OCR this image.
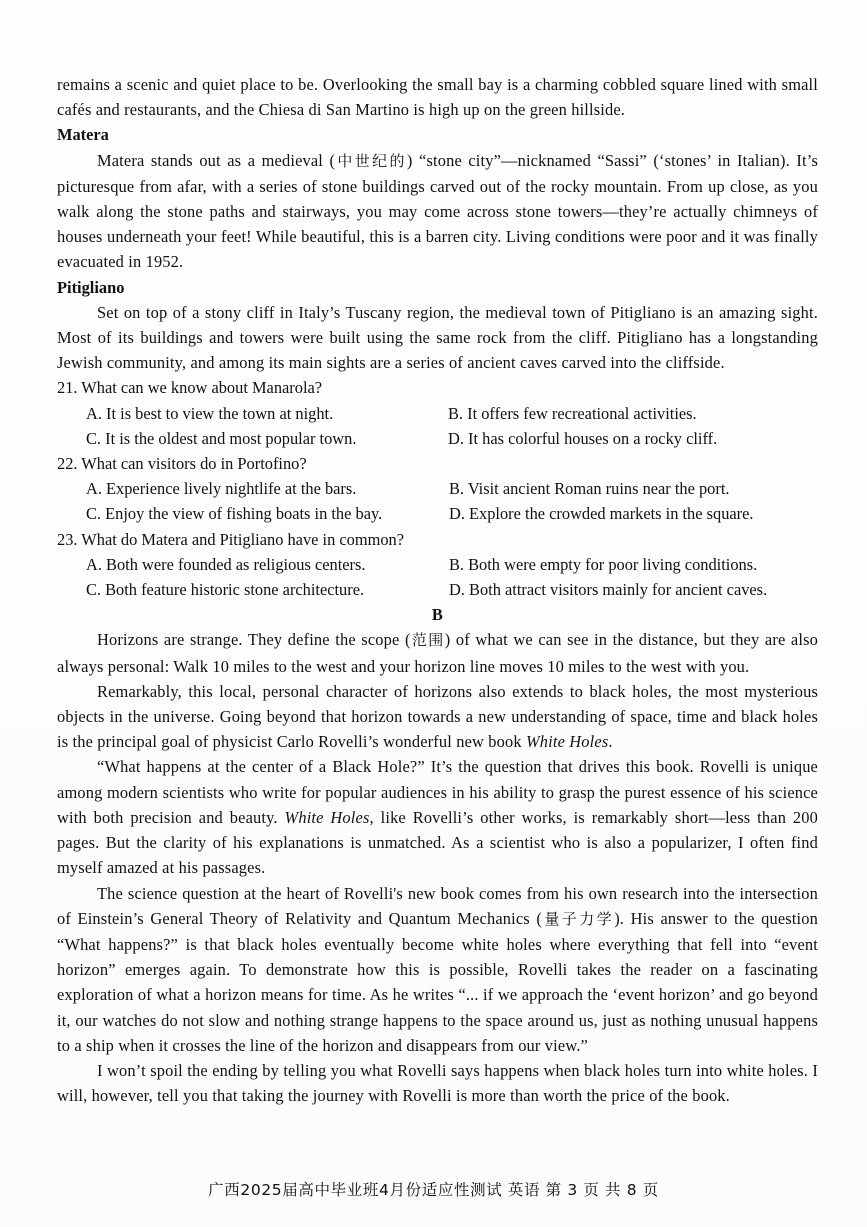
remains a scenic and quiet place to be. Overlooking the small bay is a charming cobbled square lined with small cafés and restaurants, and the Chiesa di San Martino is high up on the green hillside.

Matera

Matera stands out as a medieval (中世纪的) “stone city”—nicknamed “Sassi” (‘stones’ in Italian). It’s picturesque from afar, with a series of stone buildings carved out of the rocky mountain. From up close, as you walk along the stone paths and stairways, you may come across stone towers—they’re actually chimneys of houses underneath your feet! While beautiful, this is a barren city. Living conditions were poor and it was finally evacuated in 1952.

Pitigliano

Set on top of a stony cliff in Italy’s Tuscany region, the medieval town of Pitigliano is an amazing sight. Most of its buildings and towers were built using the same rock from the cliff. Pitigliano has a longstanding Jewish community, and among its main sights are a series of ancient caves carved into the cliffside.

21. What can we know about Manarola?

A. It is best to view the town at night.	B. It offers few recreational activities.
C. It is the oldest and most popular town.	D. It has colorful houses on a rocky cliff.

22. What can visitors do in Portofino?

A. Experience lively nightlife at the bars.	B. Visit ancient Roman ruins near the port.
C. Enjoy the view of fishing boats in the bay.	D. Explore the crowded markets in the square.

23. What do Matera and Pitigliano have in common?

A. Both were founded as religious centers.	B. Both were empty for poor living conditions.
C. Both feature historic stone architecture.	D. Both attract visitors mainly for ancient caves.

B

Horizons are strange. They define the scope (范围) of what we can see in the distance, but they are also always personal: Walk 10 miles to the west and your horizon line moves 10 miles to the west with you.

Remarkably, this local, personal character of horizons also extends to black holes, the most mysterious objects in the universe. Going beyond that horizon towards a new understanding of space, time and black holes is the principal goal of physicist Carlo Rovelli’s wonderful new book White Holes.

“What happens at the center of a Black Hole?” It’s the question that drives this book. Rovelli is unique among modern scientists who write for popular audiences in his ability to grasp the purest essence of his science with both precision and beauty. White Holes, like Rovelli’s other works, is remarkably short—less than 200 pages. But the clarity of his explanations is unmatched. As a scientist who is also a popularizer, I often find myself amazed at his passages.

The science question at the heart of Rovelli's new book comes from his own research into the intersection of Einstein’s General Theory of Relativity and Quantum Mechanics (量子力学). His answer to the question “What happens?” is that black holes eventually become white holes where everything that fell into “event horizon” emerges again. To demonstrate how this is possible, Rovelli takes the reader on a fascinating exploration of what a horizon means for time. As he writes “... if we approach the ‘event horizon’ and go beyond it, our watches do not slow and nothing strange happens to the space around us, just as nothing unusual happens to a ship when it crosses the line of the horizon and disappears from our view.”

I won’t spoil the ending by telling you what Rovelli says happens when black holes turn into white holes. I will, however, tell you that taking the journey with Rovelli is more than worth the price of the book.

广西2025届高中毕业班4月份适应性测试 英语 第 3 页 共 8 页
